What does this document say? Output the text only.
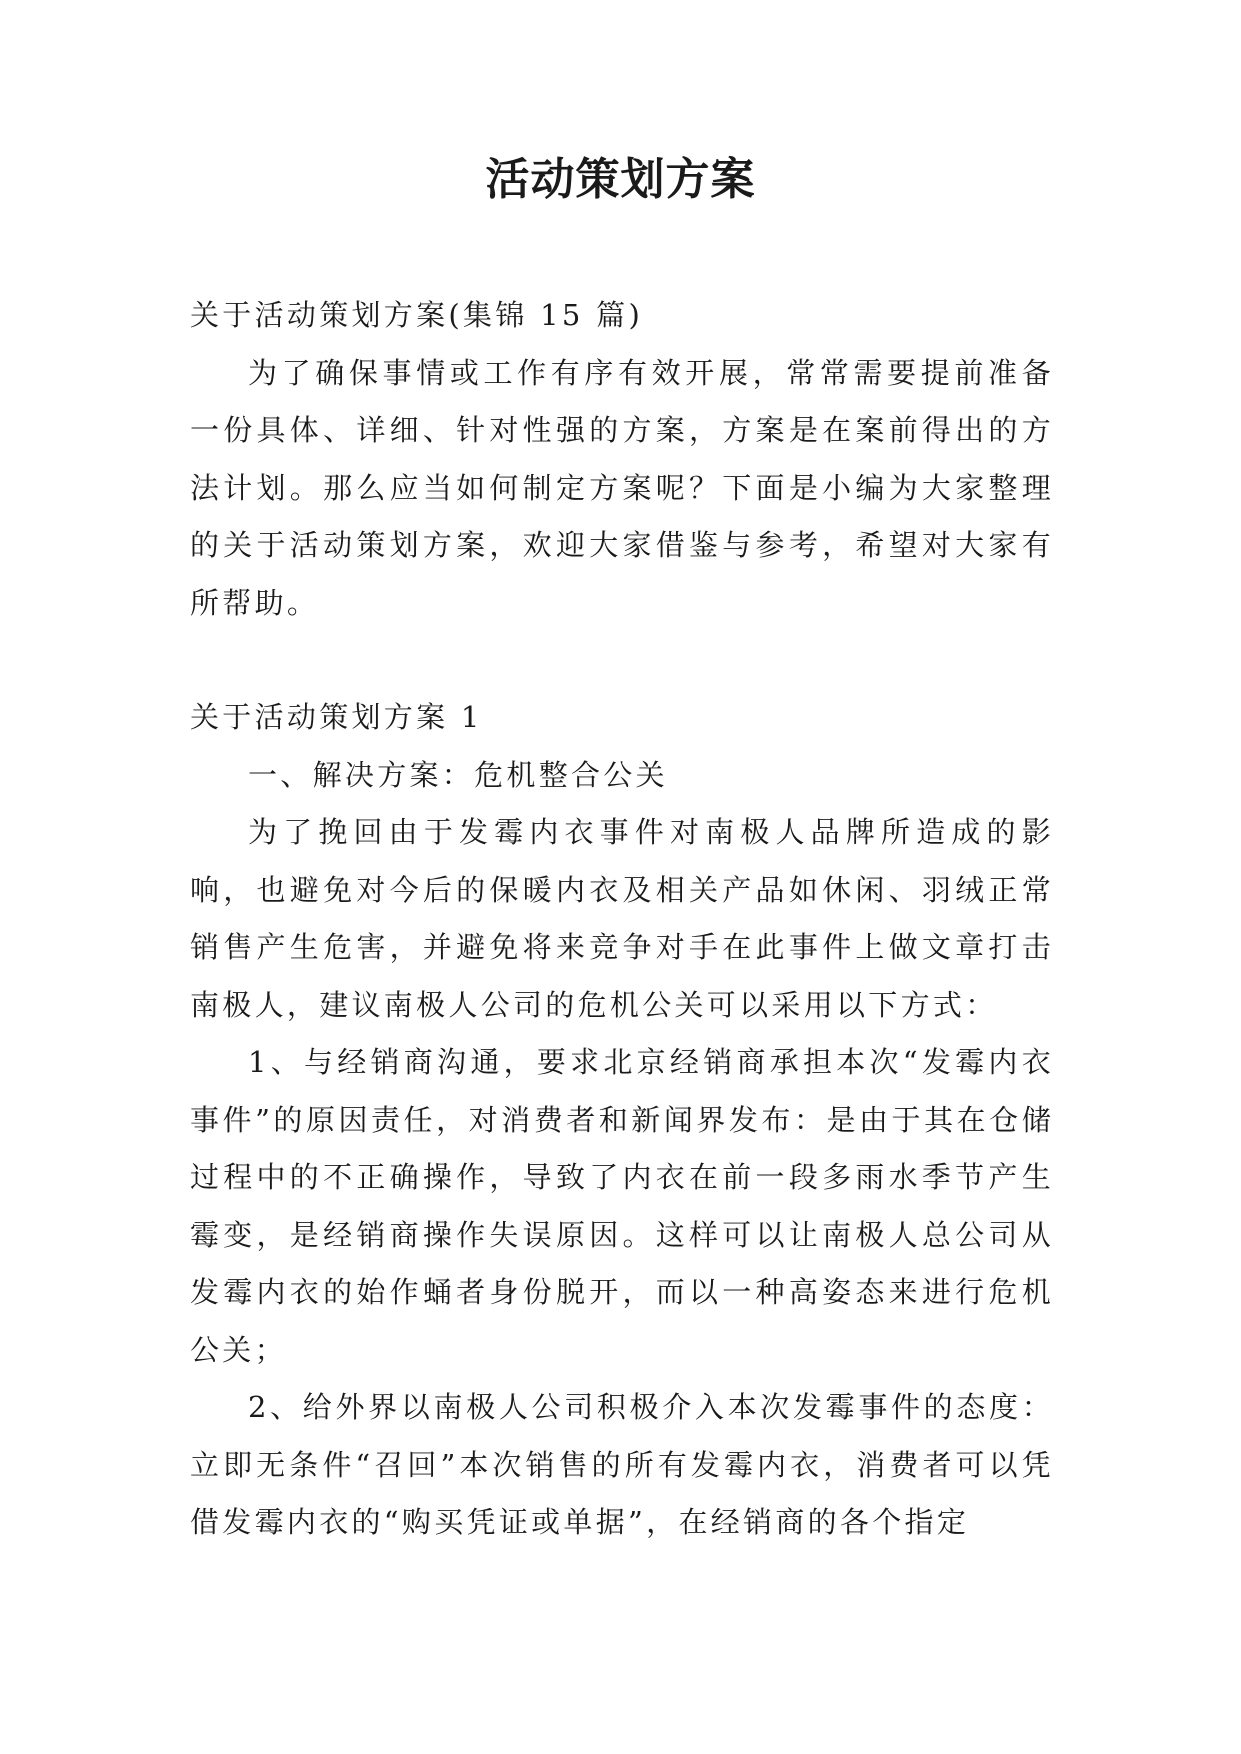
活动策划方案

关于活动策划方案(集锦 15 篇)

为了确保事情或工作有序有效开展，常常需要提前准备一份具体、详细、针对性强的方案，方案是在案前得出的方法计划。那么应当如何制定方案呢？下面是小编为大家整理的关于活动策划方案，欢迎大家借鉴与参考，希望对大家有所帮助。

关于活动策划方案 1

一、解决方案：危机整合公关

为了挽回由于发霉内衣事件对南极人品牌所造成的影响，也避免对今后的保暖内衣及相关产品如休闲、羽绒正常销售产生危害，并避免将来竞争对手在此事件上做文章打击南极人，建议南极人公司的危机公关可以采用以下方式：

1、与经销商沟通，要求北京经销商承担本次“发霉内衣事件”的原因责任，对消费者和新闻界发布：是由于其在仓储过程中的不正确操作，导致了内衣在前一段多雨水季节产生霉变，是经销商操作失误原因。这样可以让南极人总公司从发霉内衣的始作蛹者身份脱开，而以一种高姿态来进行危机公关；

2、给外界以南极人公司积极介入本次发霉事件的态度：立即无条件“召回”本次销售的所有发霉内衣，消费者可以凭借发霉内衣的“购买凭证或单据”，在经销商的各个指定
